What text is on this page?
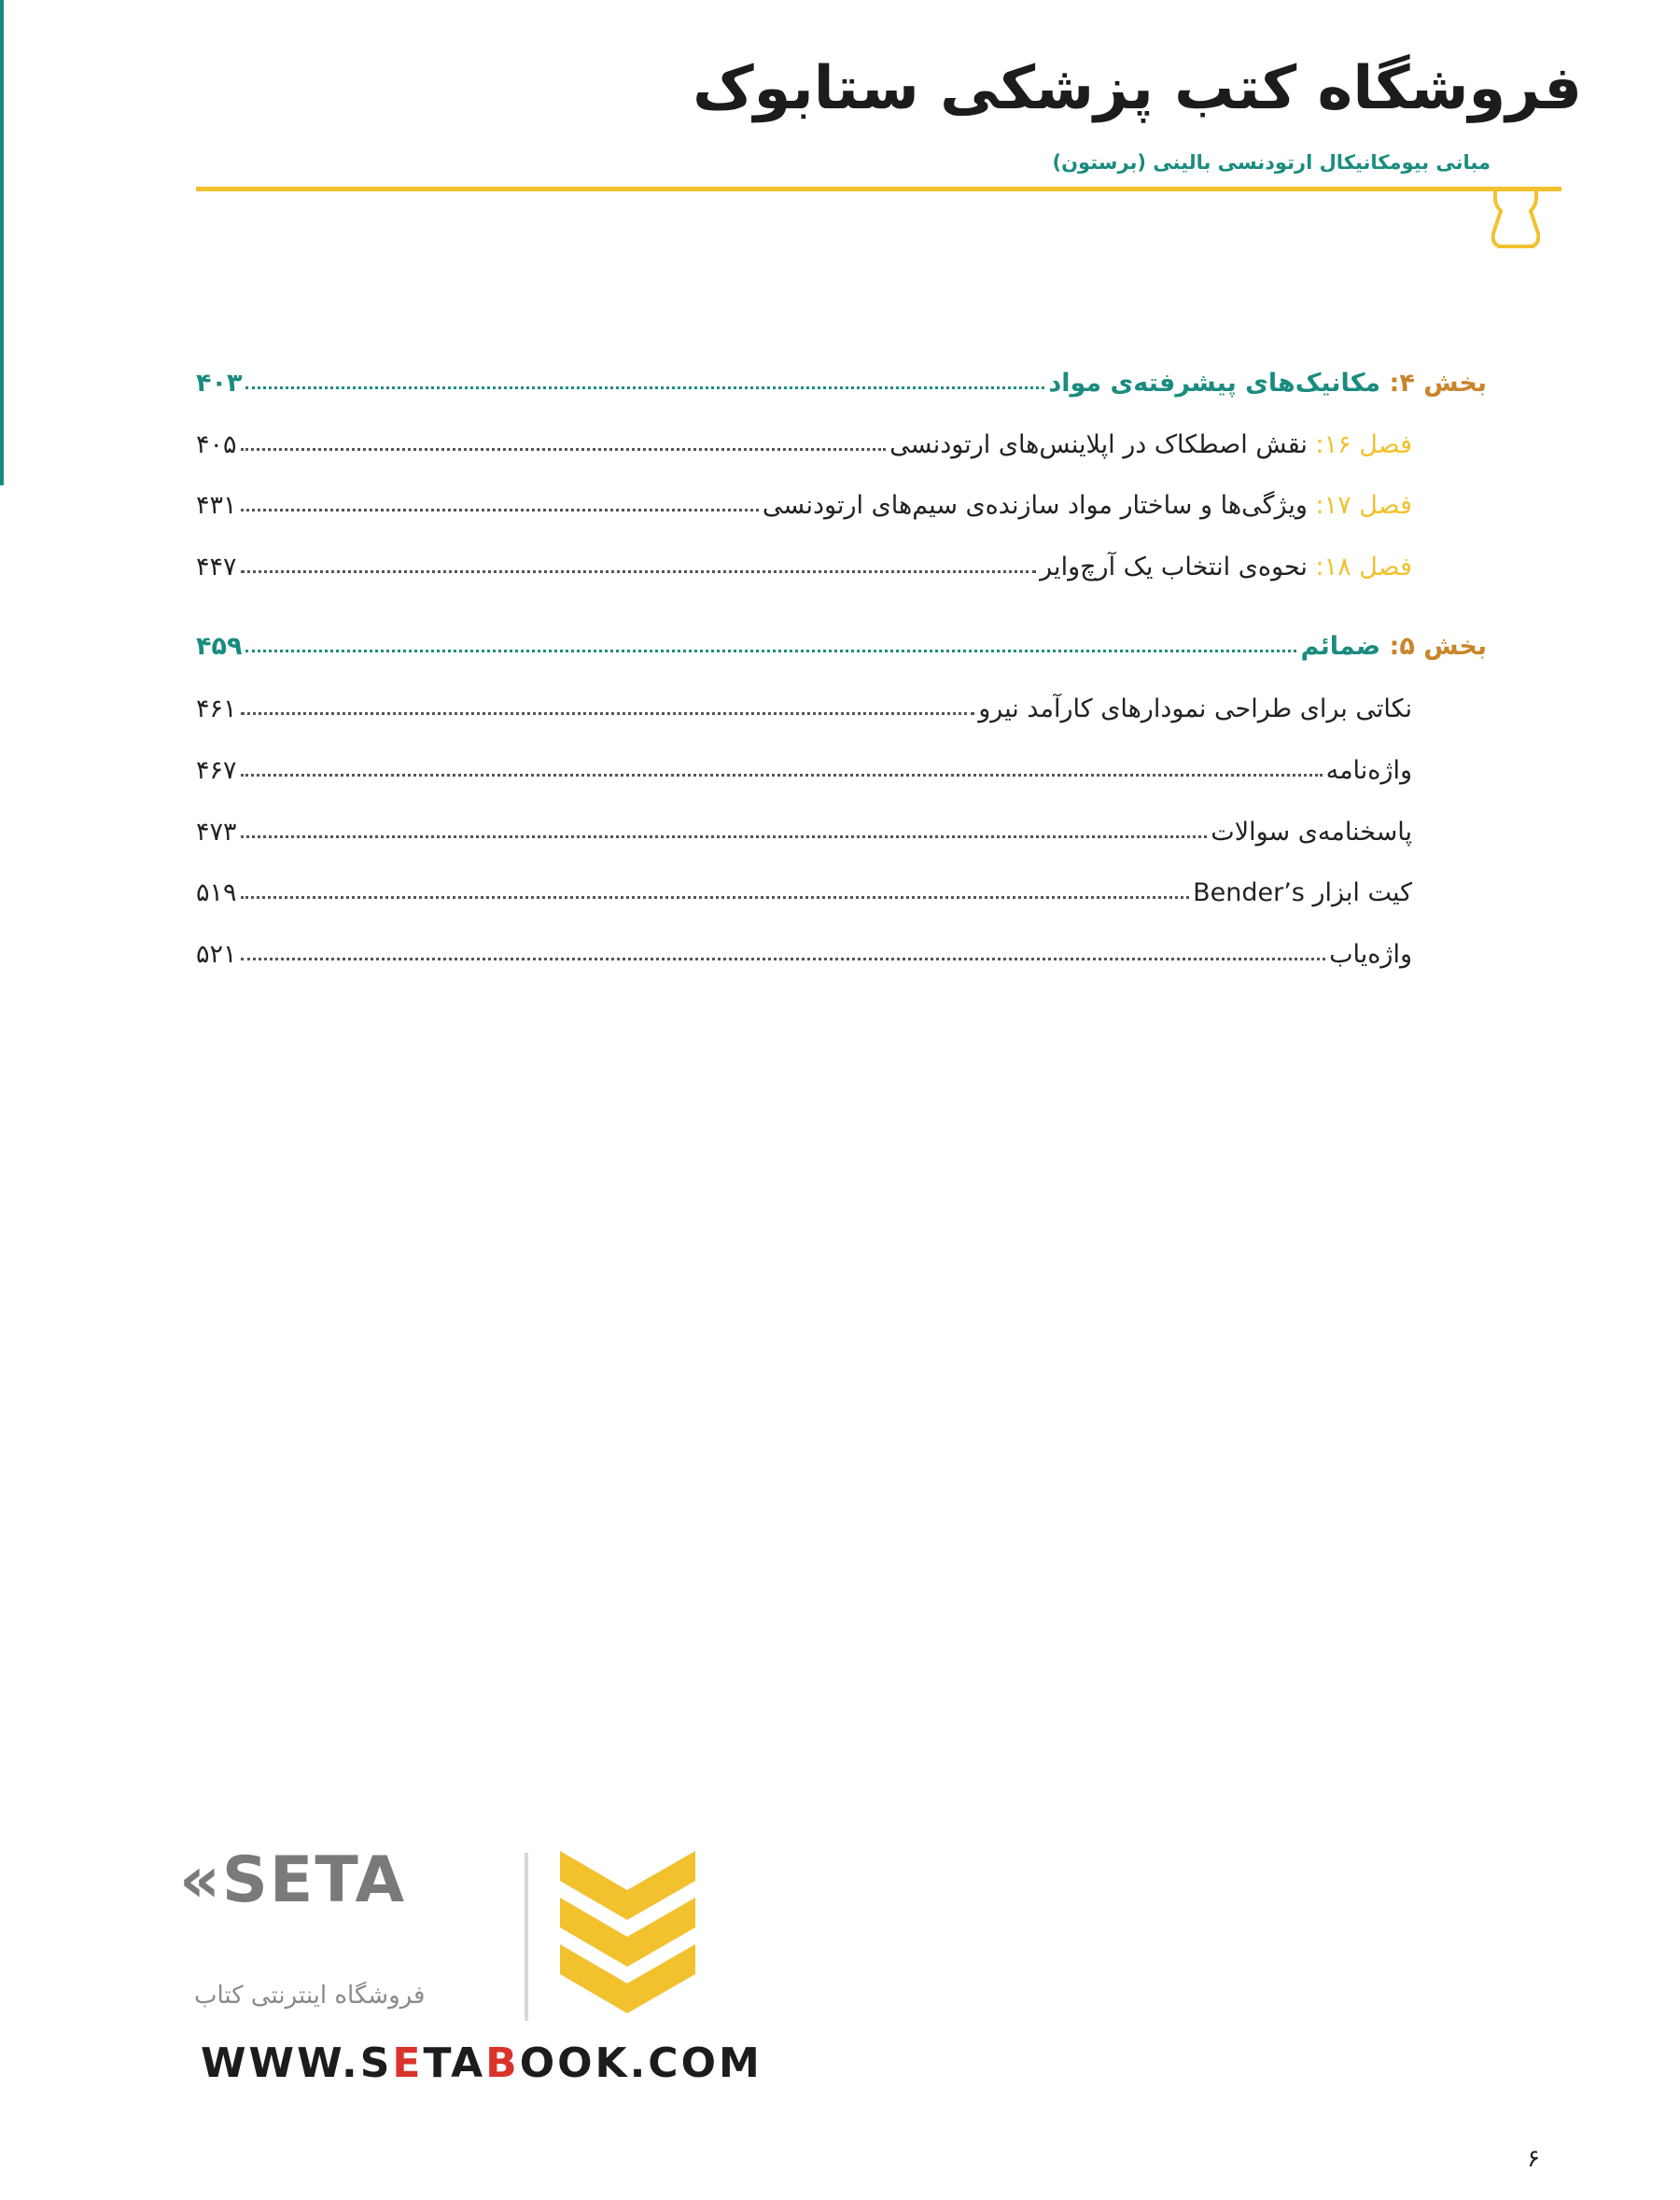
فروشگاه کتب پزشکی ستابوک
مبانی بیومکانیکال ارتودنسی بالینی (برستون)
بخش ۴: مکانیک‌های پیشرفته‌ی مواد
۴۰۳
فصل ۱۶: نقش اصطکاک در اپلاینس‌های ارتودنسی
۴۰۵
فصل ۱۷: ویژگی‌ها و ساختار مواد سازنده‌ی سیم‌های ارتودنسی
۴۳۱
فصل ۱۸: نحوه‌ی انتخاب یک آرچ‌وایر
۴۴۷
بخش ۵: ضمائم
۴۵۹
نکاتی برای طراحی نمودارهای کارآمد نیرو
۴۶۱
واژه‌نامه
۴۶۷
پاسخنامه‌ی سوالات
۴۷۳
کیت ابزار Bender’s
۵۱۹
واژه‌یاب
۵۲۱
«SETA
فروشگاه اینترنتی کتاب
WWW.SETABOOK.COM
۶
